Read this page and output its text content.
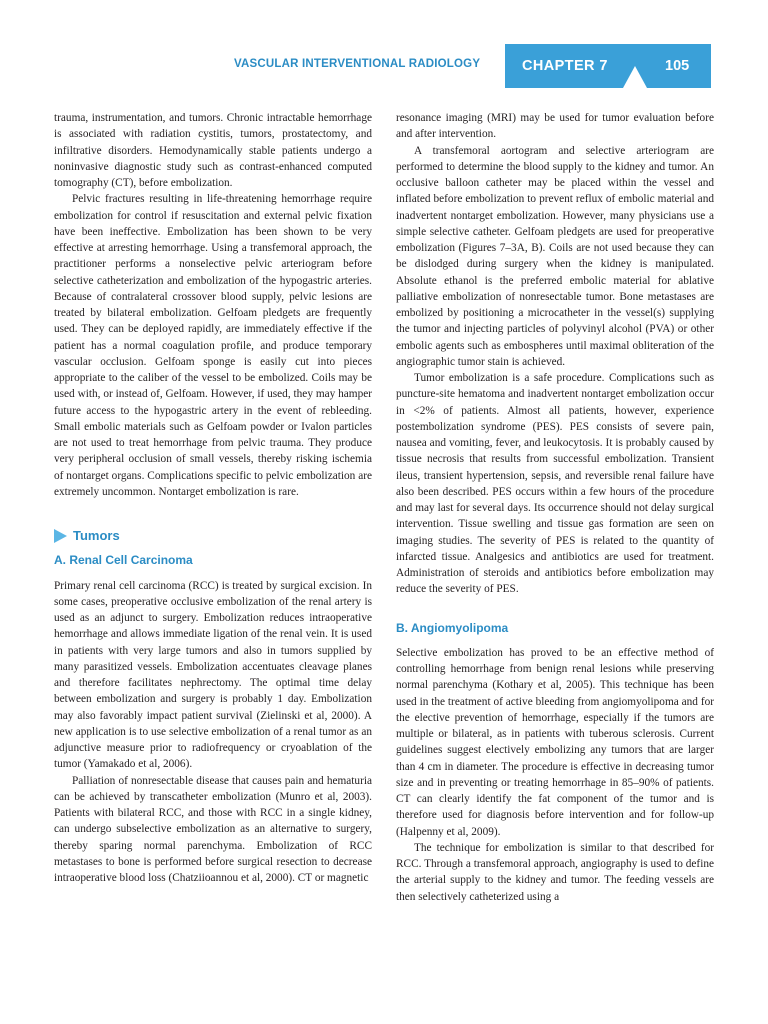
VASCULAR INTERVENTIONAL RADIOLOGY	CHAPTER 7	105

trauma, instrumentation, and tumors. Chronic intractable hemorrhage is associated with radiation cystitis, tumors, prostatectomy, and infiltrative disorders. Hemodynamically stable patients undergo a noninvasive diagnostic study such as contrast-enhanced computed tomography (CT), before embolization.

Pelvic fractures resulting in life-threatening hemorrhage require embolization for control if resuscitation and external pelvic fixation have been ineffective. Embolization has been shown to be very effective at arresting hemorrhage. Using a transfemoral approach, the practitioner performs a nonselective pelvic arteriogram before selective catheterization and embolization of the hypogastric arteries. Because of contralateral crossover blood supply, pelvic lesions are treated by bilateral embolization. Gelfoam pledgets are frequently used. They can be deployed rapidly, are immediately effective if the patient has a normal coagulation profile, and produce temporary vascular occlusion. Gelfoam sponge is easily cut into pieces appropriate to the caliber of the vessel to be embolized. Coils may be used with, or instead of, Gelfoam. However, if used, they may hamper future access to the hypogastric artery in the event of rebleeding. Small embolic materials such as Gelfoam powder or Ivalon particles are not used to treat hemorrhage from pelvic trauma. They produce very peripheral occlusion of small vessels, thereby risking ischemia of nontarget organs. Complications specific to pelvic embolization are extremely uncommon. Nontarget embolization is rare.

Tumors
A. Renal Cell Carcinoma

Primary renal cell carcinoma (RCC) is treated by surgical excision. In some cases, preoperative occlusive embolization of the renal artery is used as an adjunct to surgery. Embolization reduces intraoperative hemorrhage and allows immediate ligation of the renal vein. It is used in patients with very large tumors and also in tumors supplied by many parasitized vessels. Embolization accentuates cleavage planes and therefore facilitates nephrectomy. The optimal time delay between embolization and surgery is probably 1 day. Embolization may also favorably impact patient survival (Zielinski et al, 2000). A new application is to use selective embolization of a renal tumor as an adjunctive measure prior to radiofrequency or cryoablation of the tumor (Yamakado et al, 2006).

Palliation of nonresectable disease that causes pain and hematuria can be achieved by transcatheter embolization (Munro et al, 2003). Patients with bilateral RCC, and those with RCC in a single kidney, can undergo subselective embolization as an alternative to surgery, thereby sparing normal parenchyma. Embolization of RCC metastases to bone is performed before surgical resection to decrease intraoperative blood loss (Chatziioannou et al, 2000). CT or magnetic

resonance imaging (MRI) may be used for tumor evaluation before and after intervention.

A transfemoral aortogram and selective arteriogram are performed to determine the blood supply to the kidney and tumor. An occlusive balloon catheter may be placed within the vessel and inflated before embolization to prevent reflux of embolic material and inadvertent nontarget embolization. However, many physicians use a simple selective catheter. Gelfoam pledgets are used for preoperative embolization (Figures 7–3A, B). Coils are not used because they can be dislodged during surgery when the kidney is manipulated. Absolute ethanol is the preferred embolic material for ablative palliative embolization of nonresectable tumor. Bone metastases are embolized by positioning a microcatheter in the vessel(s) supplying the tumor and injecting particles of polyvinyl alcohol (PVA) or other embolic agents such as embospheres until maximal obliteration of the angiographic tumor stain is achieved.

Tumor embolization is a safe procedure. Complications such as puncture-site hematoma and inadvertent nontarget embolization occur in <2% of patients. Almost all patients, however, experience postembolization syndrome (PES). PES consists of severe pain, nausea and vomiting, fever, and leukocytosis. It is probably caused by tissue necrosis that results from successful embolization. Transient ileus, transient hypertension, sepsis, and reversible renal failure have also been described. PES occurs within a few hours of the procedure and may last for several days. Its occurrence should not delay surgical intervention. Tissue swelling and tissue gas formation are seen on imaging studies. The severity of PES is related to the quantity of infarcted tissue. Analgesics and antibiotics are used for treatment. Administration of steroids and antibiotics before embolization may reduce the severity of PES.

B. Angiomyolipoma

Selective embolization has proved to be an effective method of controlling hemorrhage from benign renal lesions while preserving normal parenchyma (Kothary et al, 2005). This technique has been used in the treatment of active bleeding from angiomyolipoma and for the elective prevention of hemorrhage, especially if the tumors are multiple or bilateral, as in patients with tuberous sclerosis. Current guidelines suggest electively embolizing any tumors that are larger than 4 cm in diameter. The procedure is effective in decreasing tumor size and in preventing or treating hemorrhage in 85–90% of patients. CT can clearly identify the fat component of the tumor and is therefore used for diagnosis before intervention and for follow-up (Halpenny et al, 2009).

The technique for embolization is similar to that described for RCC. Through a transfemoral approach, angiography is used to define the arterial supply to the kidney and tumor. The feeding vessels are then selectively catheterized using a
